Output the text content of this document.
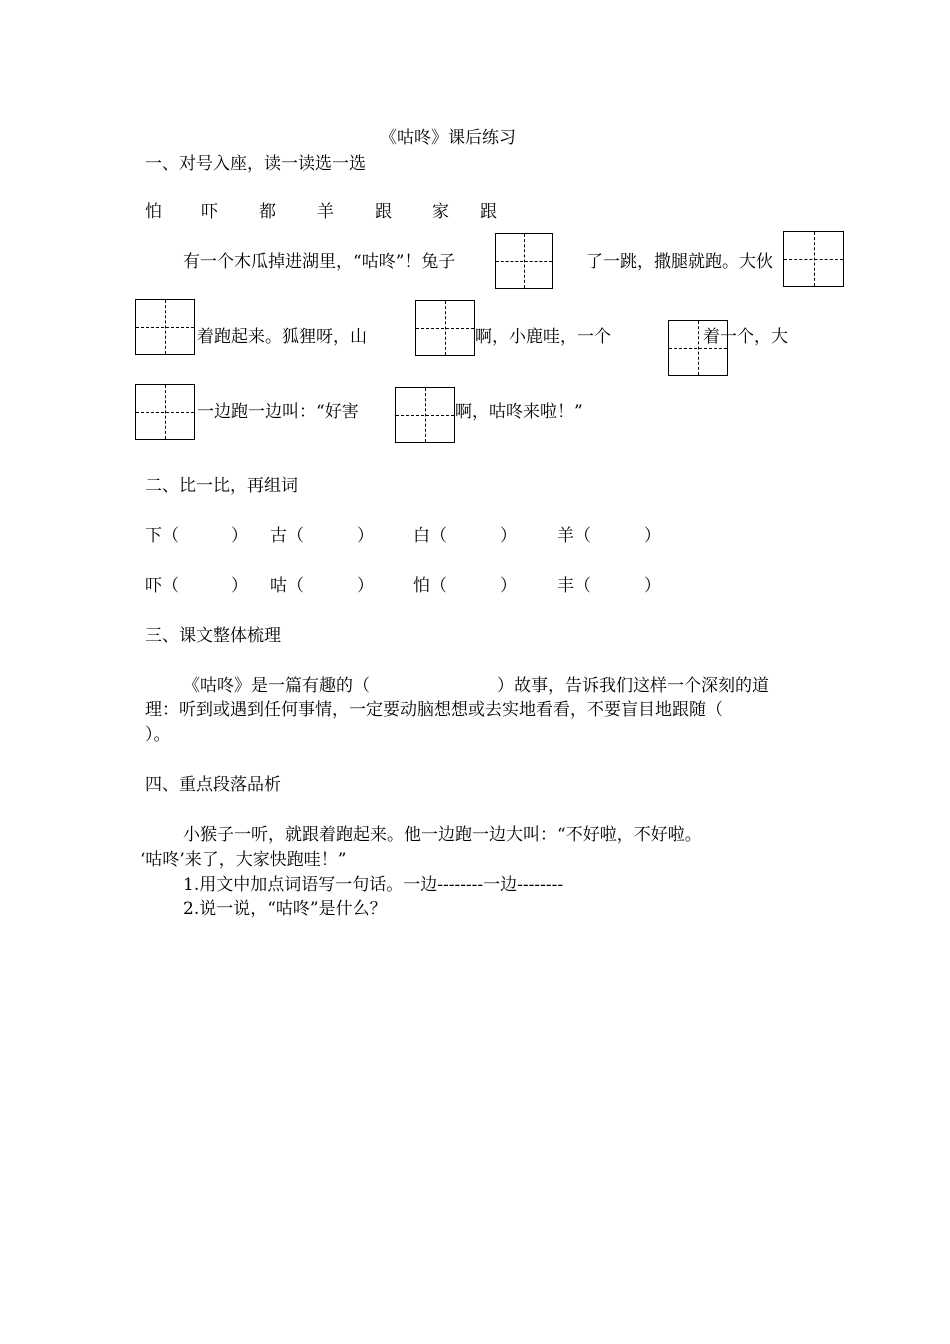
《咕咚》课后练习
一、对号入座，读一读选一选
怕 吓 都 羊 跟 家 跟
有一个木瓜掉进湖里，“咕咚”！兔子	了一跳，撒腿就跑。大伙
着跑起来。狐狸呀，山	啊，小鹿哇，一个	着一个，大
一边跑一边叫：“好害	啊，咕咚来啦！”
二、比一比，再组词
下（	） 古（	） 白（	） 羊（	）
吓（	） 咕（	） 怕（	） 丰（	）
三、课文整体梳理
《咕咚》是一篇有趣的（	）故事，告诉我们这样一个深刻的道
理：听到或遇到任何事情，一定要动脑想想或去实地看看，不要盲目地跟随（
）。
四、重点段落品析
小猴子一听，就跟着跑起来。他一边跑一边大叫：“不好啦，不好啦。
‘咕咚’来了，大家快跑哇！”
1.用文中加点词语写一句话。一边--------一边--------
2.说一说，“咕咚”是什么？
